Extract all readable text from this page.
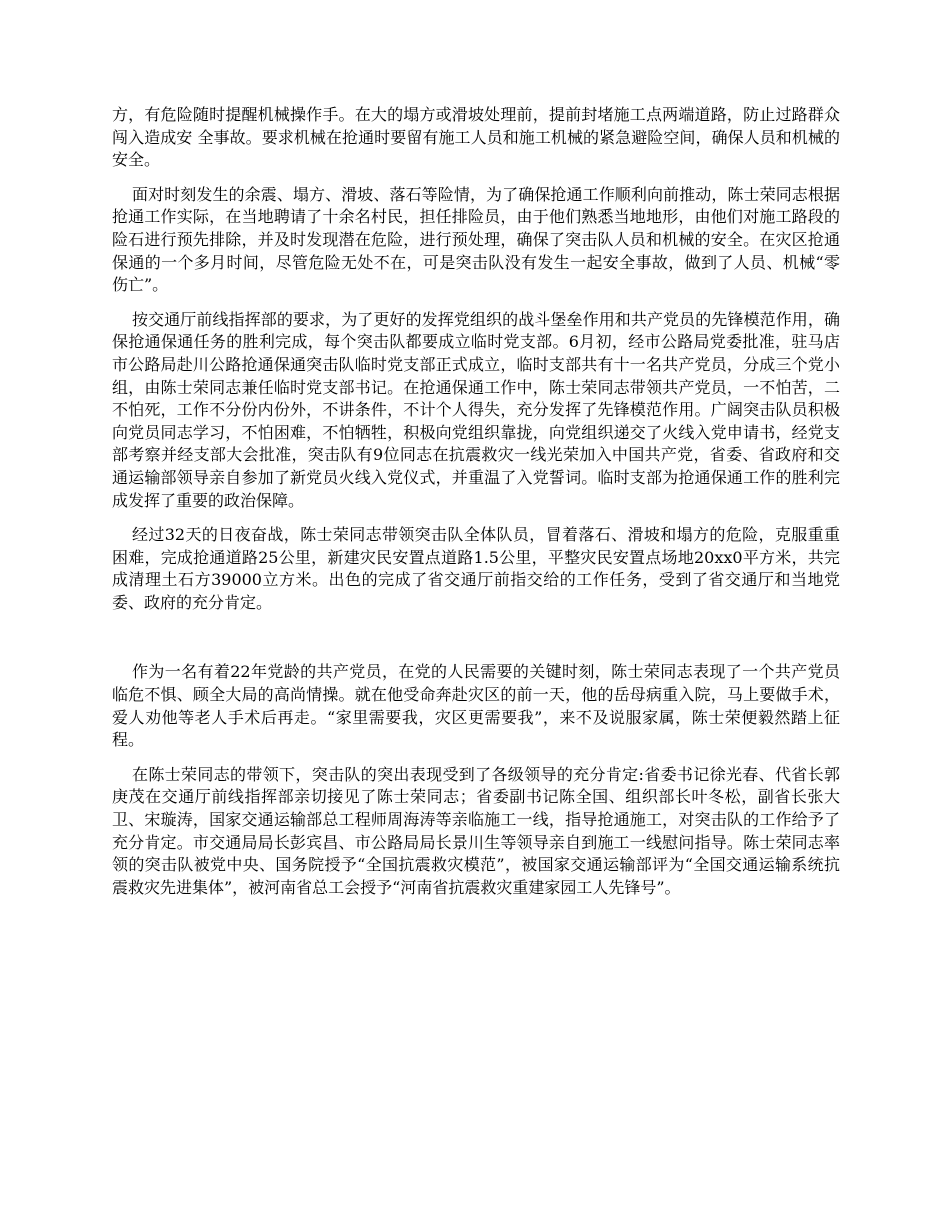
方，有危险随时提醒机械操作手。在大的塌方或滑坡处理前，提前封堵施工点两端道路，防止过路群众闯入造成安 全事故。要求机械在抢通时要留有施工人员和施工机械的紧急避险空间，确保人员和机械的安全。

面对时刻发生的余震、塌方、滑坡、落石等险情，为了确保抢通工作顺利向前推动，陈士荣同志根据抢通工作实际，在当地聘请了十余名村民，担任排险员，由于他们熟悉当地地形，由他们对施工路段的险石进行预先排除，并及时发现潜在危险，进行预处理，确保了突击队人员和机械的安全。在灾区抢通保通的一个多月时间，尽管危险无处不在，可是突击队没有发生一起安全事故，做到了人员、机械“零伤亡”。

按交通厅前线指挥部的要求，为了更好的发挥党组织的战斗堡垒作用和共产党员的先锋模范作用，确保抢通保通任务的胜利完成，每个突击队都要成立临时党支部。6月初，经市公路局党委批准，驻马店市公路局赴川公路抢通保通突击队临时党支部正式成立，临时支部共有十一名共产党员，分成三个党小组，由陈士荣同志兼任临时党支部书记。在抢通保通工作中，陈士荣同志带领共产党员，一不怕苦，二不怕死，工作不分份内份外，不讲条件，不计个人得失，充分发挥了先锋模范作用。广阔突击队员积极向党员同志学习，不怕困难，不怕牺牲，积极向党组织靠拢，向党组织递交了火线入党申请书，经党支部考察并经支部大会批准，突击队有9位同志在抗震救灾一线光荣加入中国共产党，省委、省政府和交通运输部领导亲自参加了新党员火线入党仪式，并重温了入党誓词。临时支部为抢通保通工作的胜利完成发挥了重要的政治保障。

经过32天的日夜奋战，陈士荣同志带领突击队全体队员，冒着落石、滑坡和塌方的危险，克服重重困难，完成抢通道路25公里，新建灾民安置点道路1.5公里，平整灾民安置点场地20xx0平方米，共完成清理土石方39000立方米。出色的完成了省交通厅前指交给的工作任务，受到了省交通厅和当地党委、政府的充分肯定。

作为一名有着22年党龄的共产党员，在党的人民需要的关键时刻，陈士荣同志表现了一个共产党员临危不惧、顾全大局的高尚情操。就在他受命奔赴灾区的前一天，他的岳母病重入院，马上要做手术，爱人劝他等老人手术后再走。“家里需要我，灾区更需要我”，来不及说服家属，陈士荣便毅然踏上征程。

在陈士荣同志的带领下，突击队的突出表现受到了各级领导的充分肯定:省委书记徐光春、代省长郭庚茂在交通厅前线指挥部亲切接见了陈士荣同志；省委副书记陈全国、组织部长叶冬松，副省长张大卫、宋璇涛，国家交通运输部总工程师周海涛等亲临施工一线，指导抢通施工，对突击队的工作给予了充分肯定。市交通局局长彭宾昌、市公路局局长景川生等领导亲自到施工一线慰问指导。陈士荣同志率领的突击队被党中央、国务院授予“全国抗震救灾模范”，被国家交通运输部评为“全国交通运输系统抗震救灾先进集体”，被河南省总工会授予“河南省抗震救灾重建家园工人先锋号”。
